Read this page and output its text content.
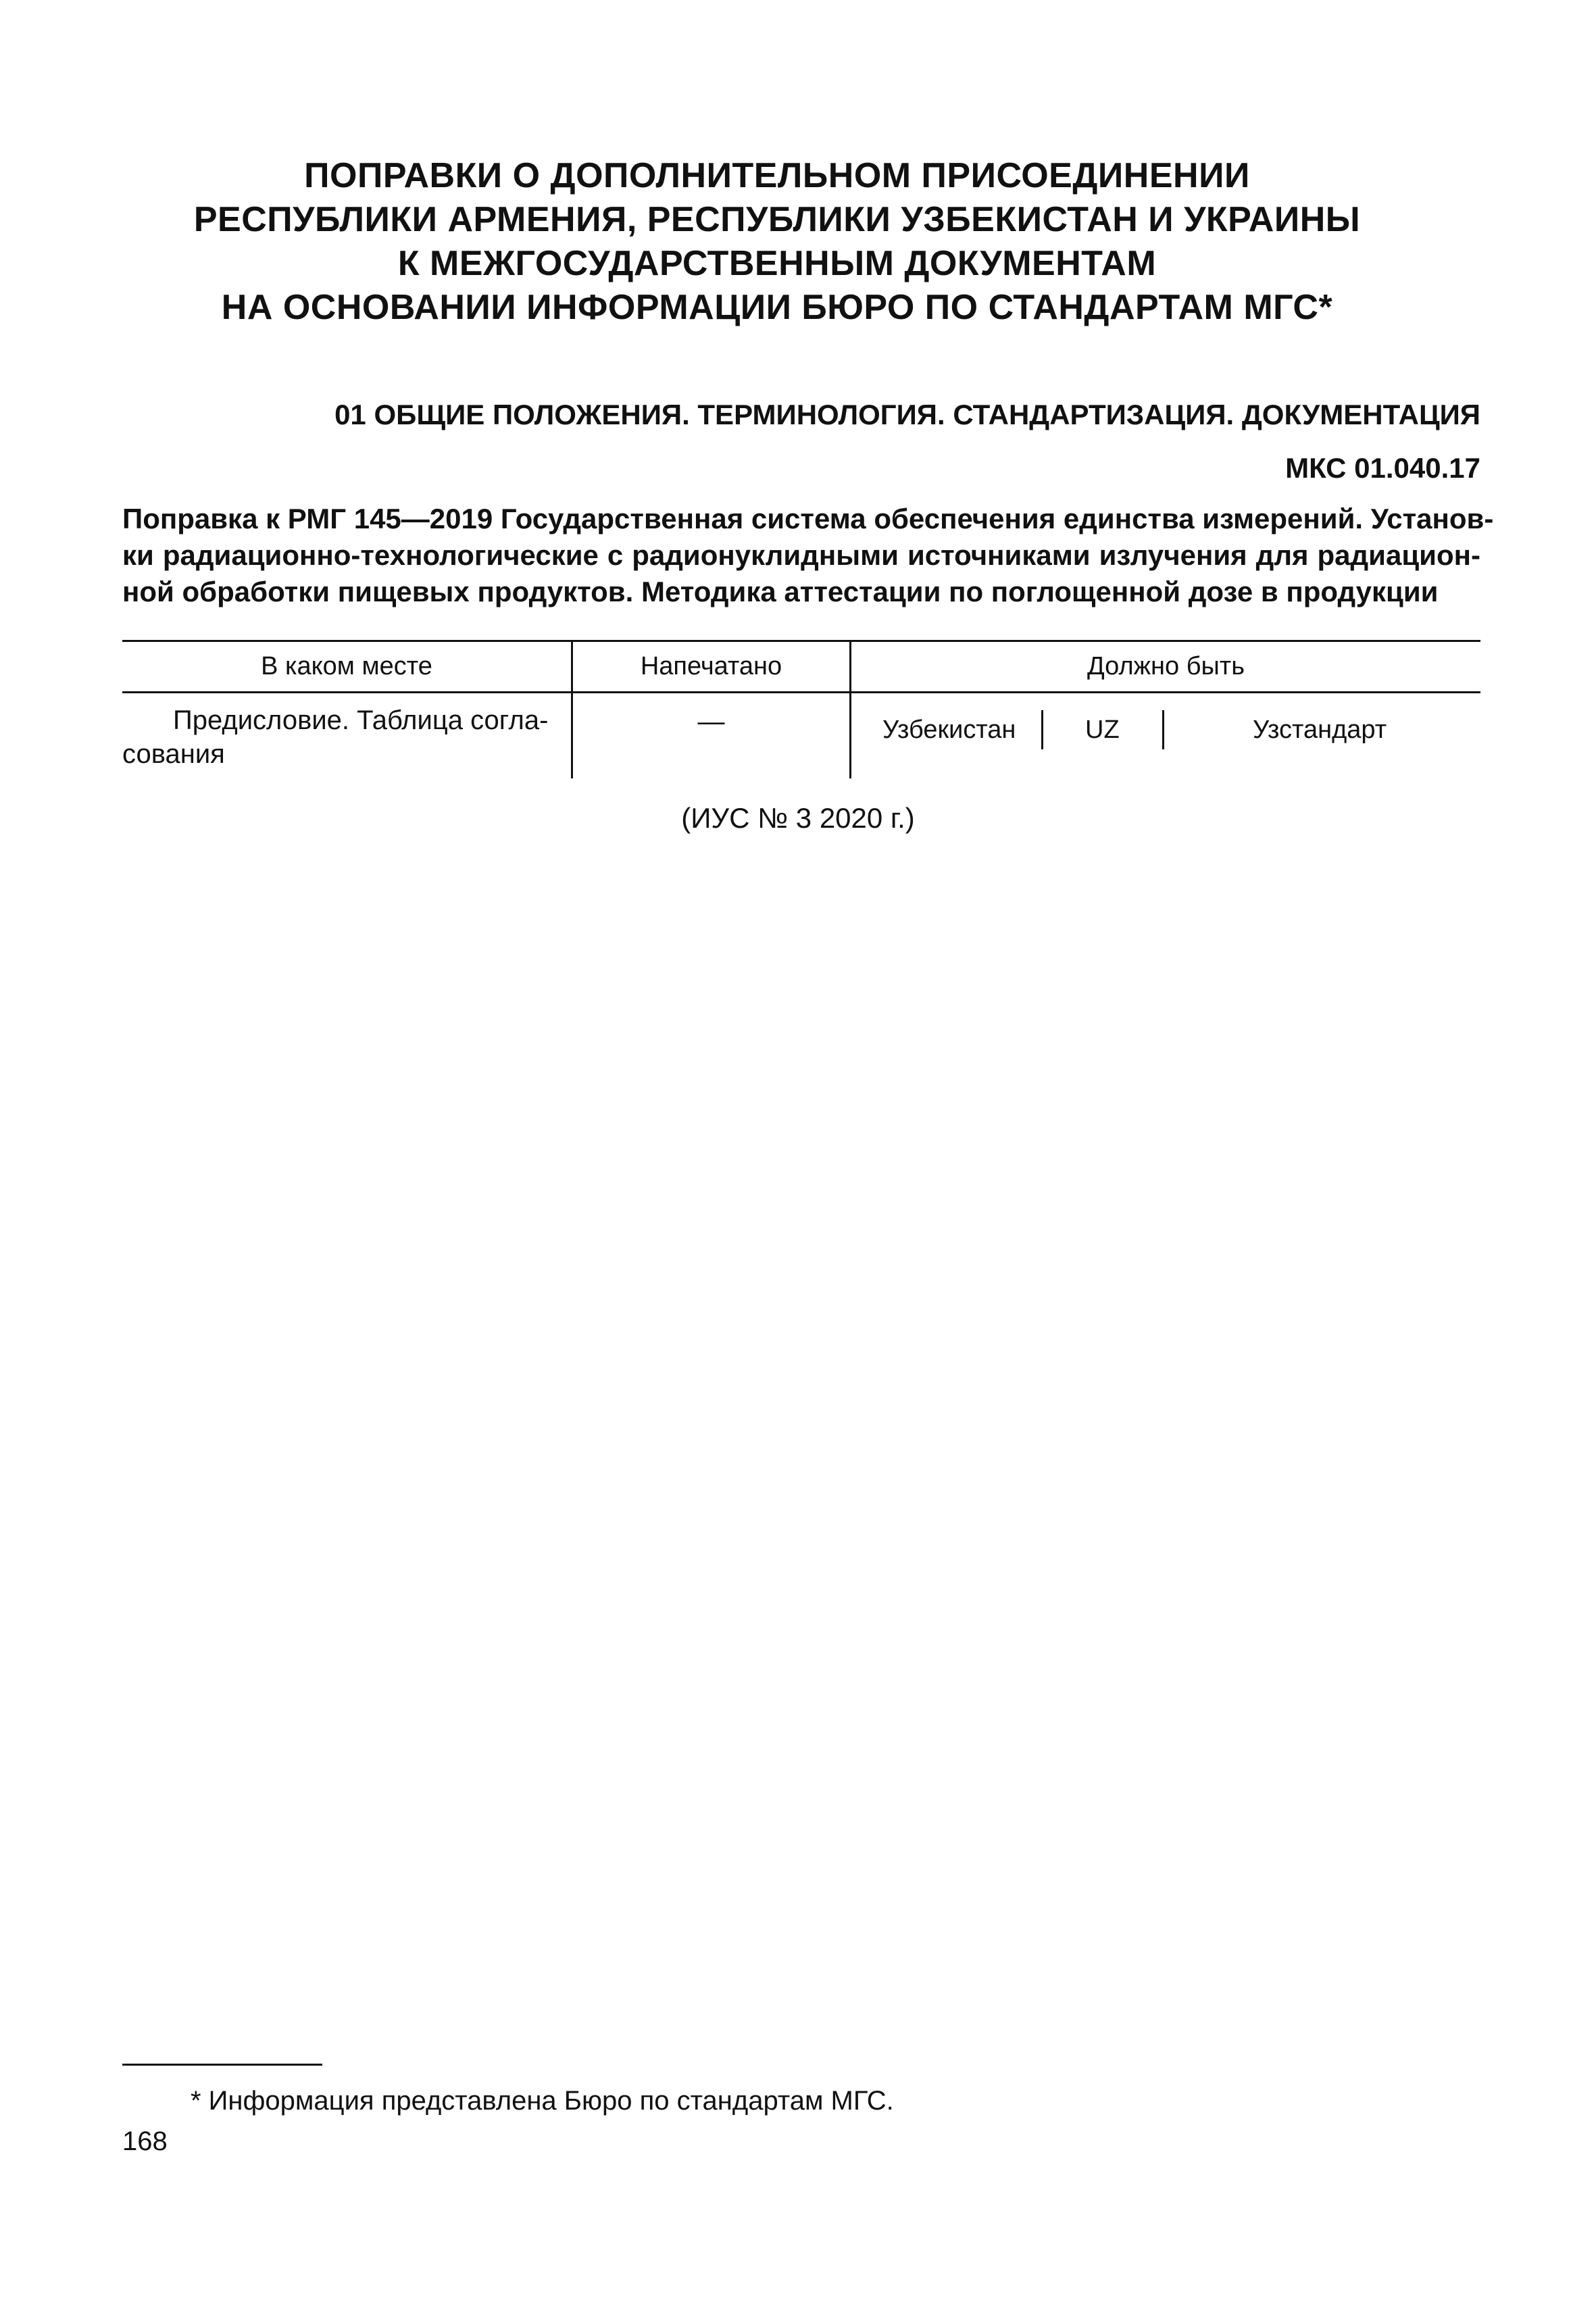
ПОПРАВКИ О ДОПОЛНИТЕЛЬНОМ ПРИСОЕДИНЕНИИ
РЕСПУБЛИКИ АРМЕНИЯ, РЕСПУБЛИКИ УЗБЕКИСТАН И УКРАИНЫ
К МЕЖГОСУДАРСТВЕННЫМ ДОКУМЕНТАМ
НА ОСНОВАНИИ ИНФОРМАЦИИ БЮРО ПО СТАНДАРТАМ МГС*
01 ОБЩИЕ ПОЛОЖЕНИЯ. ТЕРМИНОЛОГИЯ. СТАНДАРТИЗАЦИЯ. ДОКУМЕНТАЦИЯ
МКС 01.040.17
Поправка к РМГ 145—2019 Государственная система обеспечения единства измерений. Установ-
ки радиационно-технологические с радионуклидными источниками излучения для радиацион-
ной обработки пищевых продуктов. Методика аттестации по поглощенной дозе в продукции
В каком месте	Напечатано	Должно быть
Предисловие. Таблица согла-
сования
—	Узбекистан	UZ	Узстандарт
(ИУС № 3 2020 г.)
* Информация представлена Бюро по стандартам МГС.
168
